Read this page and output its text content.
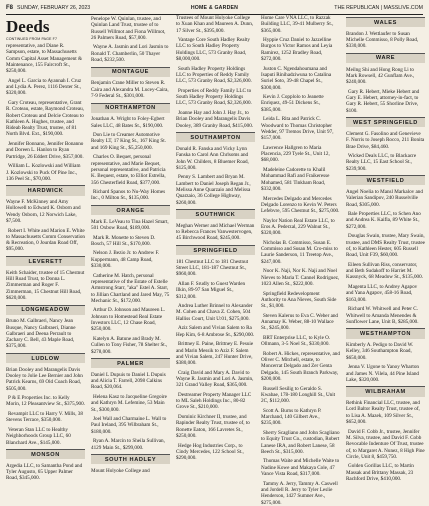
F8 SUNDAY, FEBRUARY 26, 2023	HOME & GARDEN	THE REPUBLICAN | MASSLIVE.COM
Deeds
CONTINUED FROM PAGE F7

representative, and Diane R. Sampson, estate, to Massachusetts Comm Capital Asset Management & Maintenance, 155 Faircroft St., $250,000.

Angel L. Garcia to Ayannah I. Cruz and Lydia A. Perez, 1116 Dexter St., $320,000.

Gary Croteau, representative, Grant R. Croteau, estate, Raymond Croteau, Robert Croteau and Delcie Croteau to Kathleen A. Hughes, trustee, and Rideab Realty Trust, trustee, of 81 North Blvd. Ext., $190,000.

Jennifer Bonnano, Jennifer Bonanno and Doreen L. Hanlon to Ryan Partridge, 26 Eddert Drive, $357,000.

William L. Kozlowski and William J. Kozlowski to Puck Of Pine Inc., 136 Peel St., $70,000.

HARDWICK

Wayne F. McKinney and Amy Hollowell to Edward K. Osborn and Wendy Osborn, 12 Norwich Lake, $7,500.

Robert I. White and Marion E. White to Massachusetts Comm Conservation & Recreation, 0 Jourdan Road Off, $95,000.

LEVERETT

Keith Schaider, trustee of 15 Chestnut Hill Road Trust, to Donna L. Zimmerman and Roger F. Zimmerman, 15 Chestnut Hill Road, $620,000.

LONGMEADOW

Bruno M. Galbraeri, Nancy Jean Busque, Nancy Galbraeri, Dianne Galbraeri and Deena Perrault to Zachary C. Bell, 43 Maple Road, $375,000.

LUDLOW

Brian Dooley and Marangelis Davis Dooley to Jolie Lee Bernier and John Patrick Kearns, 69 Old Coach Road, $505,000.

P & E Properties Inc. to Kelly Morin, 12 Pleasantview St., $375,900.

Revampit LLC to Harry V. Mills, 38 Stevens Terrace, $350,000.

Veteran Stan LLC to Healthy Neighborhoods Group LLC, 60 Blanchard Ave., $145,000.

MONSON

Argedia LLC, to Samantha Pond and Tyler Augusto, 65 Upper Palmer Road, $345,000.

Penelope W. Quinlan, trustee, and Quinlan Land Trust, trustee of to Russell Willmot and Fiona Willmot, 26 Palmers Road, $57,000.

Wayne A. Jasmin and Lori Jasmin to Ronald T. Chamberlin, 50 Thayer Road, $232,500.

MONTAGUE

Benjamin Crane Miller to Steven R. Caira and Alexandra M. Lucey-Caira, 7-9 Federal St., $301,000.

NORTHAMPTON

Jonathan A. Wright to Foley-Egbert Sales LLC, 48 Bates St., $190,000.

Don Lie to Creamer Automotive Realty LT, 17 King St., 167 King St. and 169 King St., $5,250,000.

Charles O. Bequet, personal representative, and Marie Bequet, personal representative, and Patricia K. Bequest, estate, to Elliot Estrella, 356 Chesterfield Road, $377,000.

Richard Spanos to Nu-Way Homes Inc., 0 Milton St., $135,000.

ORANGE

Mark E. LeVeau to Tina Hazel Smart, 501 Oxbow Road, $189,000.

Mark R. Monette to Steven D. Bosch, 57 Hill St., $170,000.

Nelson J. Bezio Jr. to Andrew F. Kuppermann, 48 Camp Road, $330,000.

Catherine M. Hatch, personal representative of the Estate of Estelle Armstrong Starr, "aka" Estel A. Starr, to Jillian Chartland and Jared May, 75 Mechanic St., $172,000.

Arthur D. Johnson and Maureen L. Johnson to Homestead Real Estate Investors LLC, 12 Chase Road, $250,000.

Katelyn A. Batune and Brady M. Cullen to Tony Fisher, 78 Shelter St., $278,000.

PALMER

Daniel L Dupuis to Daniel L Dupuis and Alicia T. Farrell, 2098 Calkins Road, $20,064.

Helena Kasz to Jacqueline Gregoire and Kathryn M. Lefemine, 53 Main St., $300,000.

Joel Wall and Charmaine L. Wall to Paul Ireland, 395 Wilbraham St., $180,000.

Ryan A. Marcin to Sheila Sullivan, 4129 Main St., $299,000.

SOUTH HADLEY

Mount Holyoke College and

Trustees of Mount Holyoke College to Xuan Khan and Maureen A. Dunn, 17 Silver St., $395,000.

Vantage Core South Hadley Realty LLC to South Hadley Property Holdings LLC, 573 Granby Road, $8,000,000.

South Hadley Property Holdings LLC to Properties of Reddy Family LLC, 573 Granby Road, $2,326,000.

Properties of Reddy Family LLC to South Hadley Property Holdings LLC, 573 Granby Road, $2,326,000.

Joanne Hay and John J. Hay Jr., to Brian Dooley and Marangelis Davis Dooley, 389 Granby Road, $415,000.

SOUTHAMPTON

Donald R. Fanska and Vicky Lynn Fanska to Carol Ann Chrlsoms and John W. Childers, 8 Bluemer Road, $125,000.

Penny S. Lambert and Bryan M. Lambert to Daniel Joseph Regan Jr., Melissa Anne Quarzaio and Melissa Quarzaio, 36 College Highway, $260,000.

SOUTHWICK

Meghan Werner and Michael Werman to Rebecca Frances Vanwestervogen, 45 Birchwood Road, $245,000.

SPRINGFIELD

181 Chestnut LLC to 181 Chestnut Street LLC, 181-187 Chestnut St., $960,000.

Allan F. Srudly to Guest Warden Ilkin, 89-97 San Miguel St., $312,000.

Andrea Luther Brinnel to Alexander M. Cohen and Chava Z. Cohen, 504 Halliss Court, Unit U:01, $275,000.

Aziz Salem and Vivian Salem to Ra Hep Kim, 6-8 Ambrose St., $290,000.

Brittney E. Paine, Brittney E. Pesuie and Marin Messik to Aziz F. Salem and Vivian Salem, 247 Hunter Drive, $380,000.

Craig David and Mary A. David to Wayne R. Jasmin and Lori A. Jasmin, 321 Grand Valley Road, $365,000.

Destreamer Property Manager LLC to ML Saleh Holdings Inc., 80-82 Grove St., $210,000.

Dominic Kirchner II, trustee, and Rapinder Realty Trust, trustee of, to Ronette Eaton, 166 Lavretes St., $250,000.

Hedge Hog Industries Corp., to Cindy Mercedes, 122 School St., $290,000.

Home Care VNA LLC, to Razzak Building LLC, 39-41 Mulberry St., $365,000.

Hyppie Cruz Daniel to Jazzelline Burgos to Victor Ramos and Leyia Ramirez, 1252 Bradley Road, $272,000.

Juston C. Ngendahoumana and Isaputi Rinihadziwuna to Catalina Suriel Soto, 39-48 Chapel St., $300,000.

Kevin J. Copplolo to Jeanette Enriquez, 49-51 Dickens St., $385,000.

Leida L. Rita and Patrick C. Woodward to Thomas Christopher Wedder, 97 Tremos Drive, Unit 97, $157,000.

Lawrence Hallgren to Maria Placencia, 229 Tyele St., Unit 12, $68,000.

Madeleine Cadorette to Khalil Mohammad Rafi and Fraikeresse Mohamed, 581 Tinkham Road, $332,000.

Mercedes Delgado and Mercedes Delgado Lorenzo to Kevin W. Peters Lefebvre, 595 Chestnut St., $275,000.

Naylor Nation Real Estate LLC, to Eros A. Pederzal, 229 Walnut St., $320,000.

Nicholas B. Commisso, Susan E. Commisso and Susan M. Cro-miss to Laurie Sanderson, 11 Treetop Ave., $247,000.

Noor K. Naji, Nor K. Naji and Noel Nieves to Maria T. Cannel Rodriguez, 1023 Allen St., $222,000.

Springfield Redevelopment Authority to Ana Nieves, South Side St., $1,000.

Steven Kalerus to Eva C. Weber and Annamay K. Weber, 88-10 Wallace St., $245,000.

BRT Enterprise LLC, to Kyle O. Ollmann, 3-5 Noel St., $330,000.

Robert A. Hickes, representative, and Oliver C. Mitchell, estate, to Moncerrat Delgado and Zer Genta Delgado, 145 South Branch Parkway, $200,000.

Russell Sesilig to Geraldo S. Kwabae, 178-180 Longhill St., Unit 2C, $112,000.

Scott A. Burns to Kathryn P. Marchand, 140 Gilbert Ave., $235,000.

Sherry Scagliano and John Scagliano to Equity Trust Co., custodian, Robert Lanese IRA, and Robert Lanese, 58 Beech St., $315,000.

Thomas Waite and Michelle Waite to Nadine Kowe and Makaya Cole, 47 Vance Vista Road, $317,000.

Tammy A. Jerry, Tammy A. Caswell and Jordell R. Jerry to Tyler Leslie Henderson, 1427 Sumner Ave., $275,000.

WALES

Brandon J. Wettlaufer to Susan Michelle Commisso, 8 Polly Road, $330,000.

WARE

Meilng Shi and Hong Rong Li to Mark Rowsell, 42 Gunflam Ave., $240,000.

Gary R. Hebert, Mieke Hebert and Gary E. Hebert, attorney-in-fact, to Gary R. Hebert, 55 Shorline Drive, $100.

WEST SPRINGFIELD

Clement G. Fasolino and Genevieve F. Norris to Joseph Rocco, 211 Bonita Brae Drive, $84,460.

Wicked Deals LLC, to Blackacre Realty LLC, 15 East School St., $239,900.

WESTFIELD

Angel Noelia to Mansl Markalov and Valerian Sandipov, 240 Russelville Road, $305,000.

Bale Properties LLC, to Schen Ano and Andrea K. Kaifla, 89 White St., $272,000.

Douglas Swain, trustee, Mary Swain, trustee, and DMS Realty Trust, trustee of, to Kathleen Hester, 605 Russell Road, Unit F39, $60,000.

Eileen Sullivan Riss, conservator, and Beth Sudakoff to Harriet M. Kassnyck, 68 Meadow St., $135,000.

Magenta LLC, to Andrey Agapov and Yana Agapov, 458-16 Road, $163,000.

Richard W. Whitwell and Peter C. Whitwell to Amanda Menendes & Sunflower Lane, Unit B, $285,000.

WESTHAMPTON

Kimberly A. Pedigo to David W. Kelley, 346 Southampton Road, $650,000.

Jenna V. Ugone to Yanoy Wharton and James N. Vilela, 44 Pine Island Lake, $320,000.

WILBRAHAM

Rethink Financial LLC, trustee, and Lord Baltor Realty Trust, trustee of, to Lisa A. Mazek, 109 Silver St., $652,000.

David F. Cobb Jr., trustee, Jennifer M. Silva, trustee, and David F. Cobb Revocable Indenture Of Trust, trustee of, to Margaret A. Nunez, 8 High Pine Circle, Unit 8, $459,750.

Golden Gorillas LLC, to Martin Massak and Brittany Massak, 23 Rachford Drive, $410,000.
